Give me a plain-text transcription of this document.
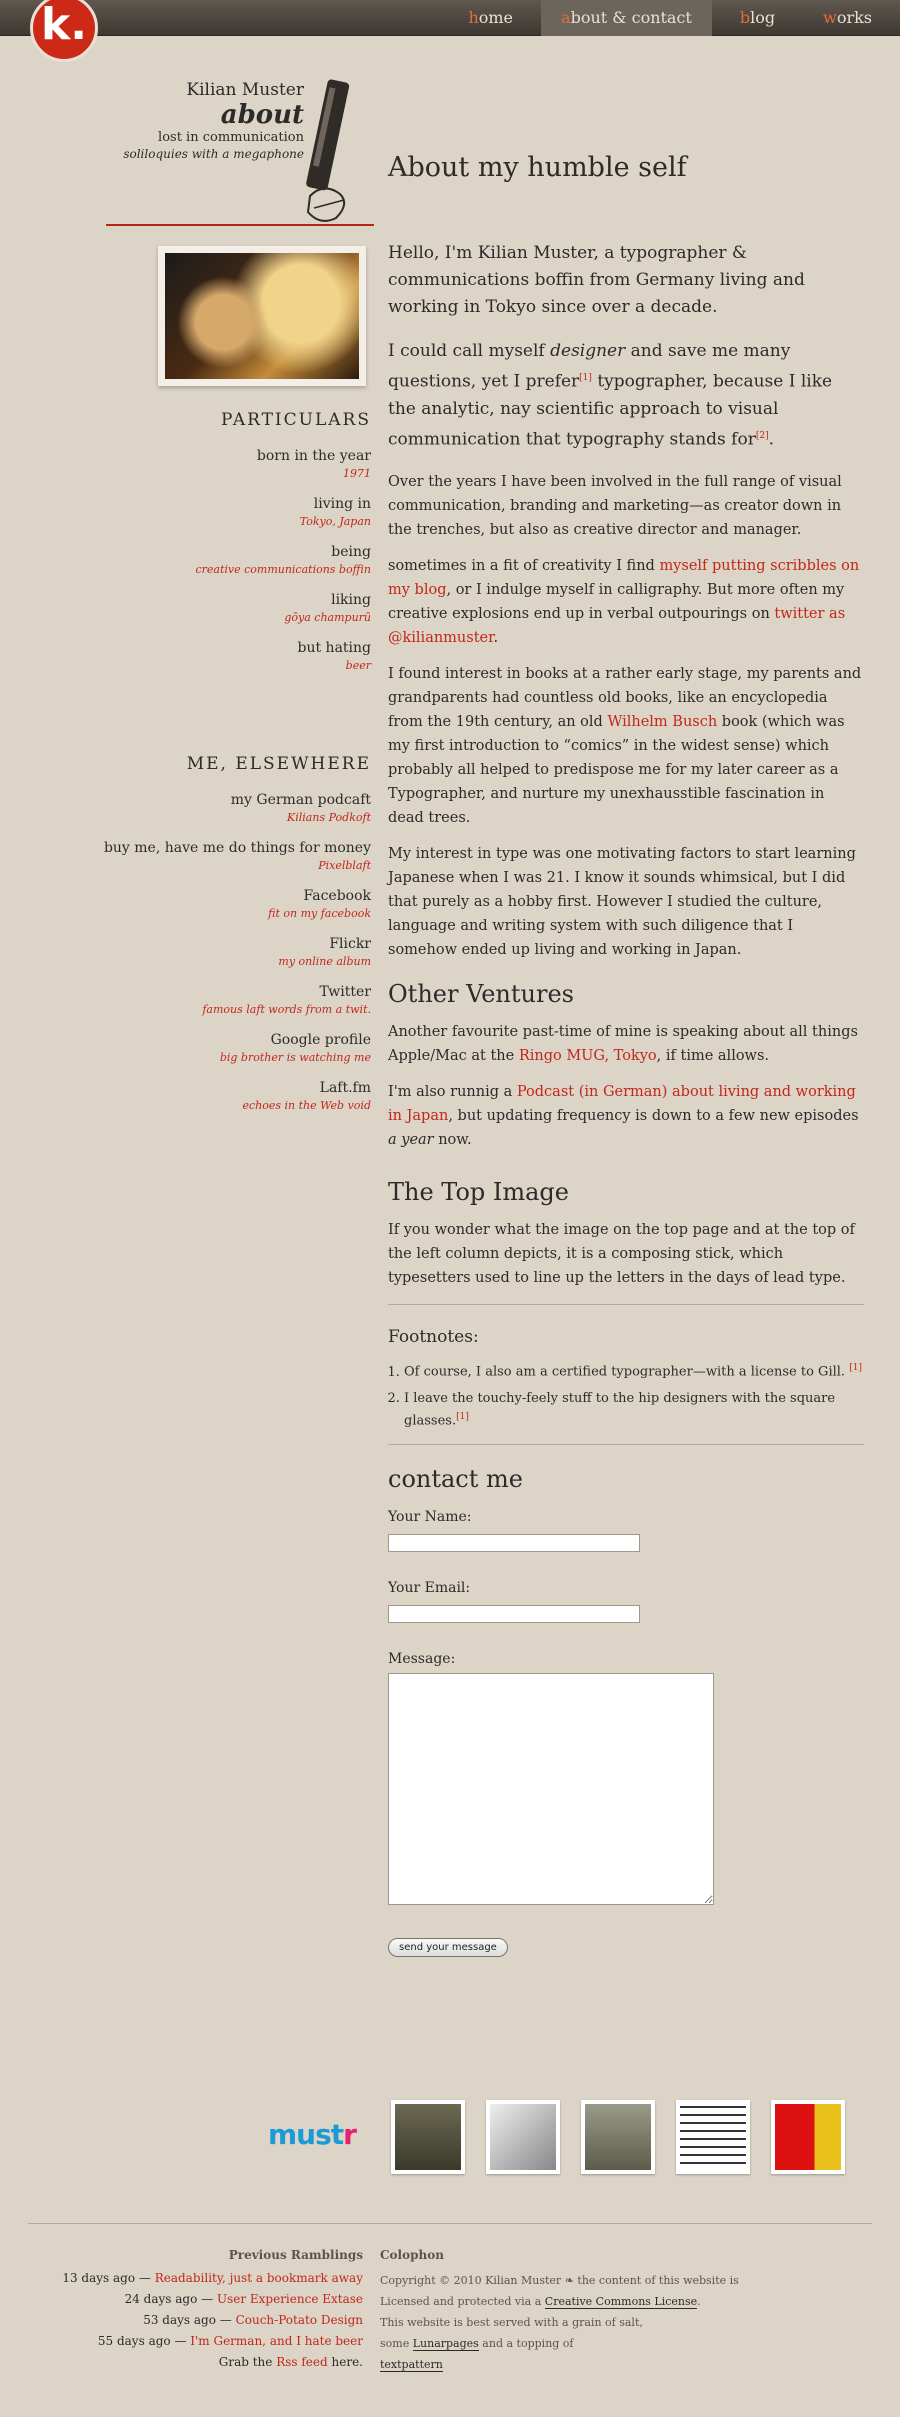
home	about & contact	blog	works
k.
Kilian Muster
about
lost in communication
soliloquies with a megaphone
PARTICULARS
born in the year
1971
living in
Tokyo, Japan
being
creative communications boffin
liking
gōya champurū
but hating
beer
ME, ELSEWHERE
my German podcaft
Kilians Podkoft
buy me, have me do things for money
Pixelblaft
Facebook
fit on my facebook
Flickr
my online album
Twitter
famous laft words from a twit.
Google profile
big brother is watching me
Laft.fm
echoes in the Web void
About my humble self

Hello, I'm Kilian Muster, a typographer & communications boffin from Germany living and working in Tokyo since over a decade.

I could call myself designer and save me many questions, yet I prefer[1] typographer, because I like the analytic, nay scientific approach to visual communication that typography stands for[2].

Over the years I have been involved in the full range of visual communication, branding and marketing—as creator down in the trenches, but also as creative director and manager.

sometimes in a fit of creativity I find myself putting scribbles on my blog, or I indulge myself in calligraphy. But more often my creative explosions end up in verbal outpourings on twitter as @kilianmuster.

I found interest in books at a rather early stage, my parents and grandparents had countless old books, like an encyclopedia from the 19th century, an old Wilhelm Busch book (which was my first introduction to “comics” in the widest sense) which probably all helped to predispose me for my later career as a Typographer, and nurture my unexhausstible fascination in dead trees.

My interest in type was one motivating factors to start learning Japanese when I was 21. I know it sounds whimsical, but I did that purely as a hobby first. However I studied the culture, language and writing system with such diligence that I somehow ended up living and working in Japan.

Other Ventures

Another favourite past-time of mine is speaking about all things Apple/Mac at the Ringo MUG, Tokyo, if time allows.

I'm also runnig a Podcast (in German) about living and working in Japan, but updating frequency is down to a few new episodes a year now.

The Top Image

If you wonder what the image on the top page and at the top of the left column depicts, it is a composing stick, which typesetters used to line up the letters in the days of lead type.

Footnotes:
1. Of course, I also am a certified typographer—with a license to Gill. [1]
2. I leave the touchy-feely stuff to the hip designers with the square glasses.[1]
contact me
Your Name:
Your Email:
Message:
send your message
mustr
Previous Ramblings
13 days ago — Readability, just a bookmark away
24 days ago — User Experience Extase
53 days ago — Couch-Potato Design
55 days ago — I'm German, and I hate beer
Grab the Rss feed here.
Colophon
Copyright © 2010 Kilian Muster ❧ the content of this website is
Licensed and protected via a Creative Commons License.
This website is best served with a grain of salt,
some Lunarpages and a topping of
textpattern
